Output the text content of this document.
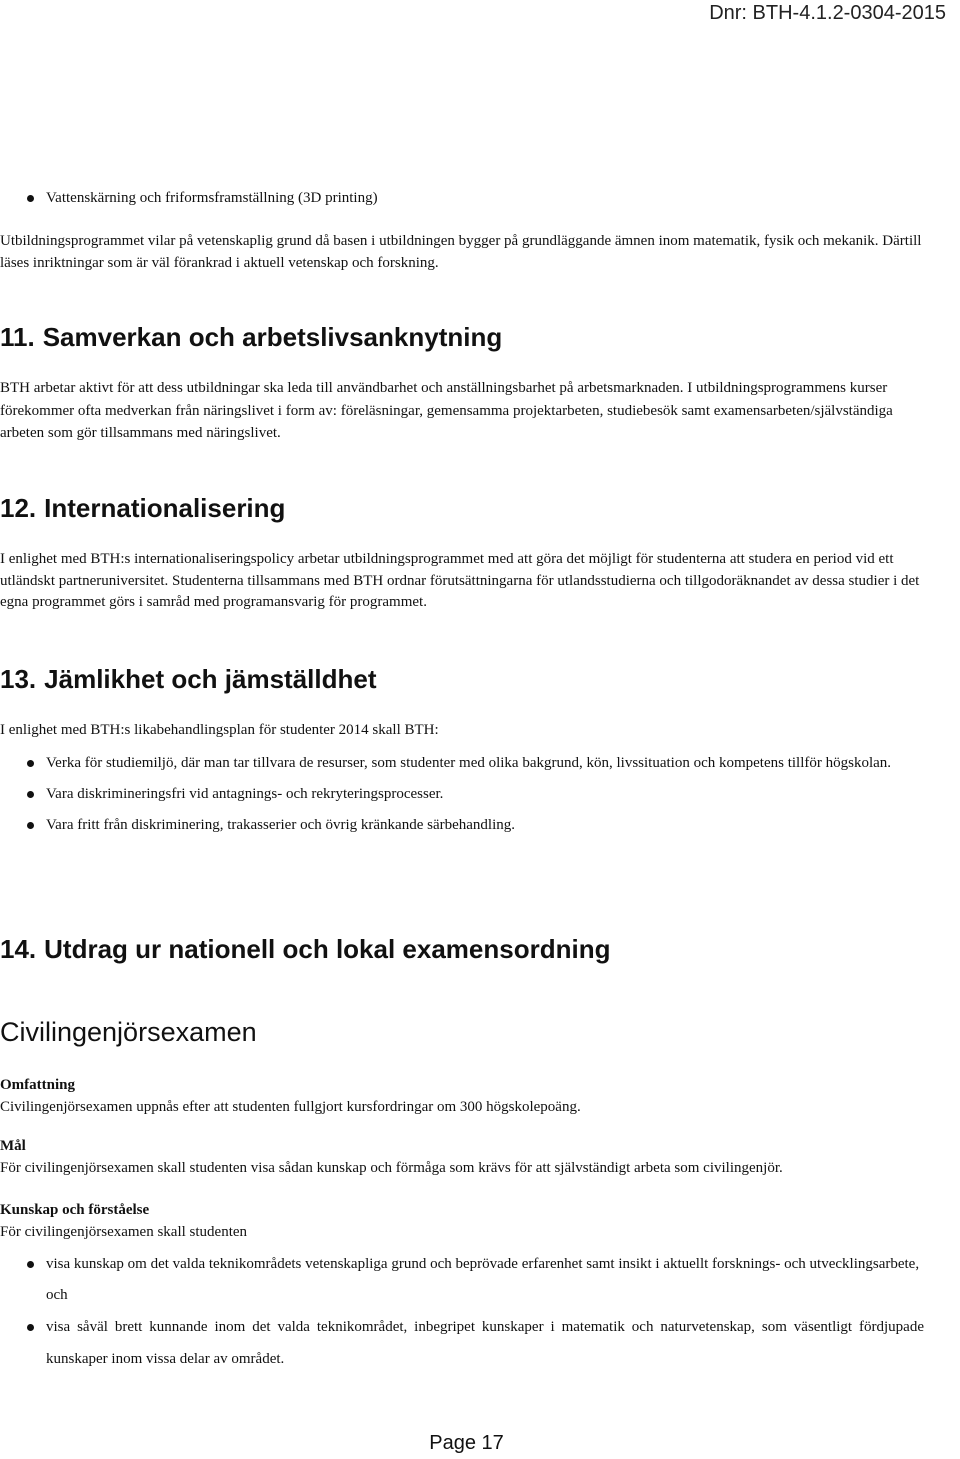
Dnr: BTH-4.1.2-0304-2015
Vattenskärning och friformsframställning (3D printing)

Utbildningsprogrammet vilar på vetenskaplig grund då basen i utbildningen bygger på grundläggande ämnen inom matematik, fysik och mekanik. Därtill läses inriktningar som är väl förankrad i aktuell vetenskap och forskning.

11. Samverkan och arbetslivsanknytning

BTH arbetar aktivt för att dess utbildningar ska leda till användbarhet och anställningsbarhet på arbetsmarknaden. I utbildningsprogrammens kurser förekommer ofta medverkan från näringslivet i form av: föreläsningar, gemensamma projektarbeten, studiebesök samt examensarbeten/självständiga arbeten som gör tillsammans med näringslivet.

12. Internationalisering

I enlighet med BTH:s internationaliseringspolicy arbetar utbildningsprogrammet med att göra det möjligt för studenterna att studera en period vid ett utländskt partneruniversitet. Studenterna tillsammans med BTH ordnar förutsättningarna för utlandsstudierna och tillgodoräknandet av dessa studier i det egna programmet görs i samråd med programansvarig för programmet.

13. Jämlikhet och jämställdhet

I enlighet med BTH:s likabehandlingsplan för studenter 2014 skall BTH:

Verka för studiemiljö, där man tar tillvara de resurser, som studenter med olika bakgrund, kön, livssituation och kompetens tillför högskolan.
Vara diskrimineringsfri vid antagnings- och rekryteringsprocesser.
Vara fritt från diskriminering, trakasserier och övrig kränkande särbehandling.
14. Utdrag ur nationell och lokal examensordning
Civilingenjörsexamen
Omfattning

Civilingenjörsexamen uppnås efter att studenten fullgjort kursfordringar om 300 högskolepoäng.

Mål

För civilingenjörsexamen skall studenten visa sådan kunskap och förmåga som krävs för att självständigt arbeta som civilingenjör.

Kunskap och förståelse

För civilingenjörsexamen skall studenten

visa kunskap om det valda teknikområdets vetenskapliga grund och beprövade erfarenhet samt insikt i aktuellt forsknings- och utvecklingsarbete, och
visa såväl brett kunnande inom det valda teknikområdet, inbegripet kunskaper i matematik och naturvetenskap, som väsentligt fördjupade kunskaper inom vissa delar av området.
Page 17
